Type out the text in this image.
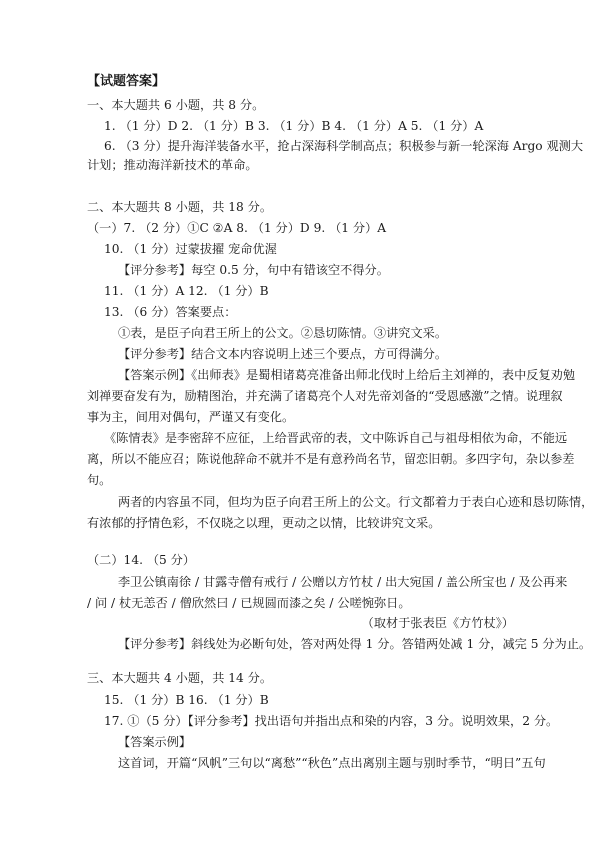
【试题答案】
一、本大题共 6 小题，共 8 分。
1. （1 分）D 2. （1 分）B 3. （1 分）B 4. （1 分）A 5. （1 分）A
6. （3 分）提升海洋装备水平，抢占深海科学制高点；积极参与新一轮深海 Argo 观测大
计划；推动海洋新技术的革命。
二、本大题共 8 小题，共 18 分。
（一）7. （2 分）①C ②A 8. （1 分）D 9. （1 分）A
10. （1 分）过蒙拔擢 宠命优渥
【评分参考】每空 0.5 分，句中有错该空不得分。
11. （1 分）A 12. （1 分）B
13. （6 分）答案要点：
①表，是臣子向君王所上的公文。②恳切陈情。③讲究文采。
【评分参考】结合文本内容说明上述三个要点，方可得满分。
【答案示例】《出师表》是蜀相诸葛亮准备出师北伐时上给后主刘禅的，表中反复劝勉
刘禅要奋发有为，励精图治，并充满了诸葛亮个人对先帝刘备的“受恩感激”之情。说理叙
事为主，间用对偶句，严谨又有变化。
《陈情表》是李密辞不应征，上给晋武帝的表，文中陈诉自己与祖母相依为命，不能远
离，所以不能应召；陈说他辞命不就并不是有意矜尚名节，留恋旧朝。多四字句，杂以参差
句。
两者的内容虽不同，但均为臣子向君王所上的公文。行文都着力于表白心迹和恳切陈情，
有浓郁的抒情色彩，不仅晓之以理，更动之以情，比较讲究文采。
（二）14. （5 分）
李卫公镇南徐 / 甘露寺僧有戒行 / 公赠以方竹杖 / 出大宛国 / 盖公所宝也 / 及公再来
/ 问 / 杖无恙否 / 僧欣然曰 / 已规圆而漆之矣 / 公嗟惋弥日。
（取材于张表臣《方竹杖》）
【评分参考】斜线处为必断句处，答对两处得 1 分。答错两处减 1 分，减完 5 分为止。
三、本大题共 4 小题，共 14 分。
15. （1 分）B 16. （1 分）B
17. ①（5 分）【评分参考】找出语句并指出点和染的内容，3 分。说明效果，2 分。
【答案示例】
这首词，开篇“风帆”三句以“离愁”“秋色”点出离别主题与别时季节，“明日”五句
